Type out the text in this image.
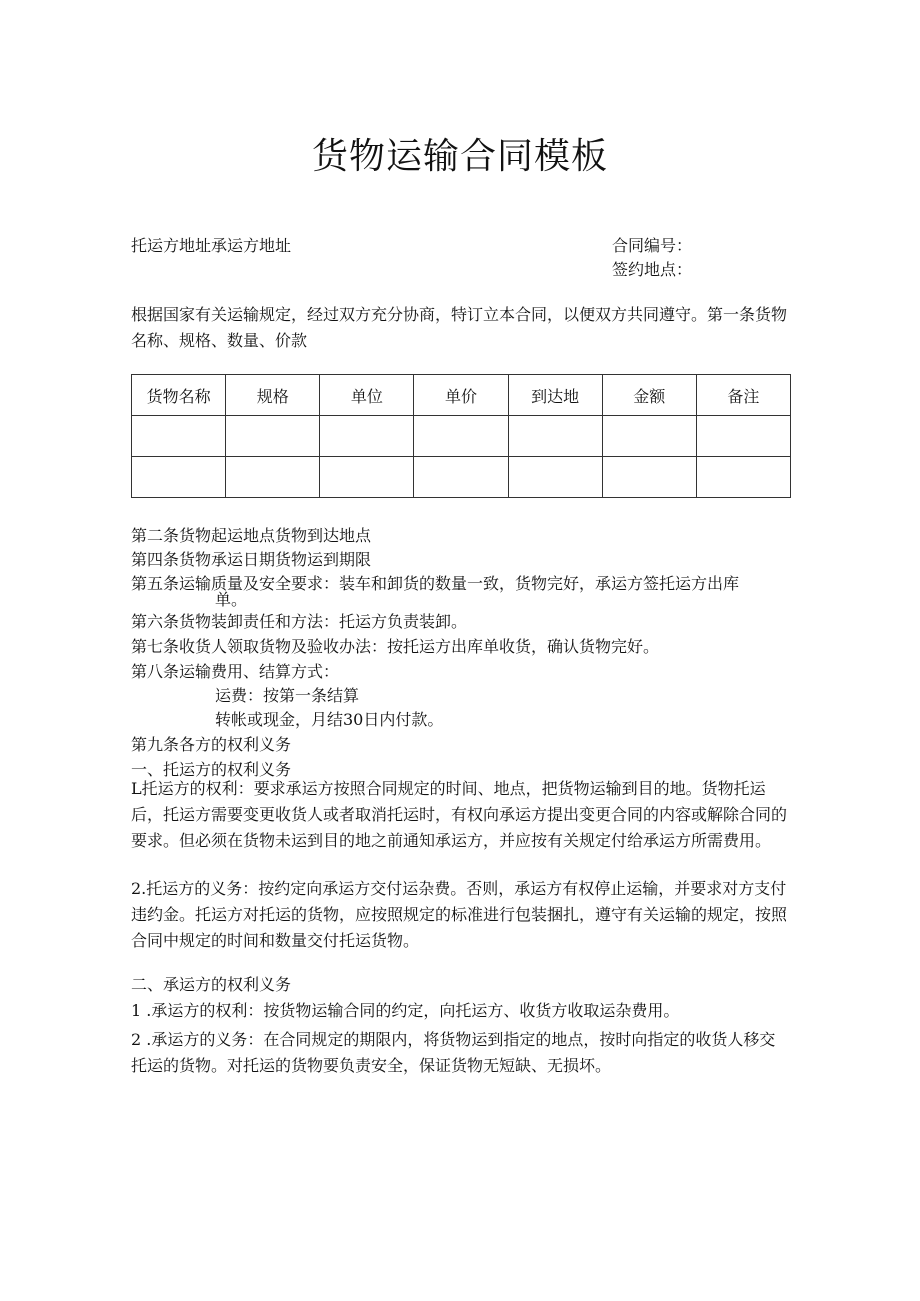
货物运输合同模板
托运方地址承运方地址	合同编号：
签约地点：
根据国家有关运输规定，经过双方充分协商，特订立本合同，以便双方共同遵守。第一条货物名称、规格、数量、价款
货物名称	规格	单位	单价	到达地	金额	备注

第二条货物起运地点货物到达地点
第四条货物承运日期货物运到期限
第五条运输质量及安全要求：装车和卸货的数量一致，货物完好，承运方签托运方出库
单。
第六条货物装卸责任和方法：托运方负责装卸。
第七条收货人领取货物及验收办法：按托运方出库单收货，确认货物完好。
第八条运输费用、结算方式：
运费：按第一条结算
转帐或现金，月结30日内付款。
第九条各方的权利义务
一、托运方的权利义务
L托运方的权利：要求承运方按照合同规定的时间、地点，把货物运输到目的地。货物托运后，托运方需要变更收货人或者取消托运时，有权向承运方提出变更合同的内容或解除合同的要求。但必须在货物未运到目的地之前通知承运方，并应按有关规定付给承运方所需费用。
2.托运方的义务：按约定向承运方交付运杂费。否则，承运方有权停止运输，并要求对方支付违约金。托运方对托运的货物，应按照规定的标准进行包装捆扎，遵守有关运输的规定，按照合同中规定的时间和数量交付托运货物。
二、承运方的权利义务
1 .承运方的权利：按货物运输合同的约定，向托运方、收货方收取运杂费用。
2 .承运方的义务：在合同规定的期限内，将货物运到指定的地点，按时向指定的收货人移交托运的货物。对托运的货物要负责安全，保证货物无短缺、无损坏。
